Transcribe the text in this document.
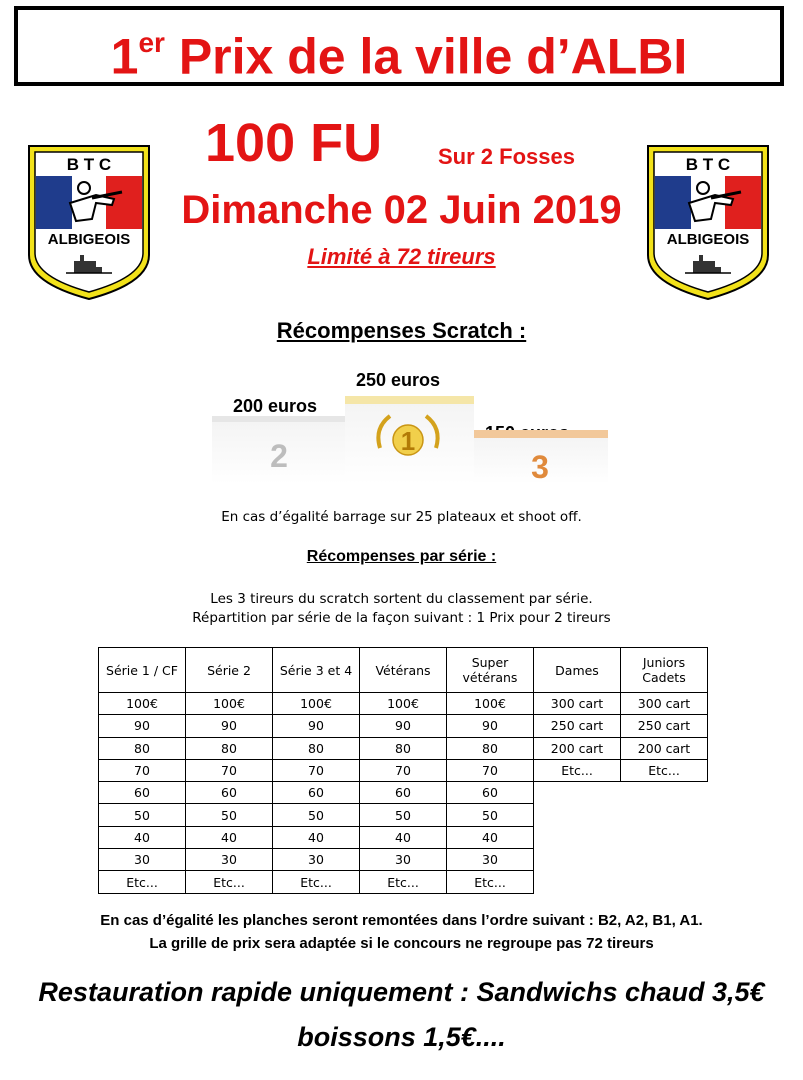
1er Prix de la ville d’ALBI
B T C
ALBIGEOIS
B T C
ALBIGEOIS
100 FU	Sur 2 Fosses
Dimanche 02 Juin 2019
Limité à 72 tireurs
Récompenses Scratch :
250 euros
200 euros
2	3
1
En cas d’égalité barrage sur 25 plateaux et shoot off.
Récompenses par série :
Les 3 tireurs du scratch sortent du classement par série.
Répartition par série de la façon suivant : 1 Prix pour 2 tireurs
Série 1 / CF	Série 2	Série 3 et 4	Vétérans	Super vétérans	Dames	Juniors Cadets
100€	100€	100€	100€	100€	300 cart	300 cart
90	90	90	90	90	250 cart	250 cart
80	80	80	80	80	200 cart	200 cart
70	70	70	70	70	Etc...	Etc...
60	60	60	60	60		
50	50	50	50	50		
40	40	40	40	40		
30	30	30	30	30		
Etc...	Etc...	Etc...	Etc...	Etc...		
En cas d’égalité les planches seront remontées dans l’ordre suivant : B2, A2, B1, A1.
La grille de prix sera adaptée si le concours ne regroupe pas 72 tireurs
Restauration rapide uniquement : Sandwichs chaud 3,5€
boissons 1,5€....
